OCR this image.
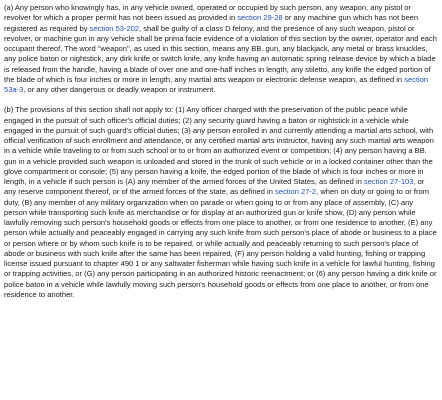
(a) Any person who knowingly has, in any vehicle owned, operated or occupied by such person, any weapon, any pistol or revolver for which a proper permit has not been issued as provided in section 29-28 or any machine gun which has not been registered as required by section 53-202, shall be guilty of a class D felony, and the presence of any such weapon, pistol or revolver, or machine gun in any vehicle shall be prima facie evidence of a violation of this section by the owner, operator and each occupant thereof. The word "weapon", as used in this section, means any BB. gun, any blackjack, any metal or brass knuckles, any police baton or nightstick, any dirk knife or switch knife, any knife having an automatic spring release device by which a blade is released from the handle, having a blade of over one and one-half inches in length, any stiletto, any knife the edged portion of the blade of which is four inches or more in length, any martial arts weapon or electronic defense weapon, as defined in section 53a-3, or any other dangerous or deadly weapon or instrument.

(b) The provisions of this section shall not apply to: (1) Any officer charged with the preservation of the public peace while engaged in the pursuit of such officer's official duties; (2) any security guard having a baton or nightstick in a vehicle while engaged in the pursuit of such guard's official duties; (3) any person enrolled in and currently attending a martial arts school, with official verification of such enrollment and attendance, or any certified martial arts instructor, having any such martial arts weapon in a vehicle while traveling to or from such school or to or from an authorized event or competition; (4) any person having a BB. gun in a vehicle provided such weapon is unloaded and stored in the trunk of such vehicle or in a locked container other than the glove compartment or console; (5) any person having a knife, the edged portion of the blade of which is four inches or more in length, in a vehicle if such person is (A) any member of the armed forces of the United States, as defined in section 27-103, or any reserve component thereof, or of the armed forces of the state, as defined in section 27-2, when on duty or going to or from duty, (B) any member of any military organization when on parade or when going to or from any place of assembly, (C) any person while transporting such knife as merchandise or for display at an authorized gun or knife show, (D) any person while lawfully removing such person's household goods or effects from one place to another, or from one residence to another, (E) any person while actually and peaceably engaged in carrying any such knife from such person's place of abode or business to a place or person where or by whom such knife is to be repaired, or while actually and peaceably returning to such person's place of abode or business with such knife after the same has been repaired, (F) any person holding a valid hunting, fishing or trapping license issued pursuant to chapter 490 1 or any saltwater fisherman while having such knife in a vehicle for lawful hunting, fishing or trapping activities, or (G) any person participating in an authorized historic reenactment; or (6) any person having a dirk knife or police baton in a vehicle while lawfully moving such person's household goods or effects from one place to another, or from one residence to another.
